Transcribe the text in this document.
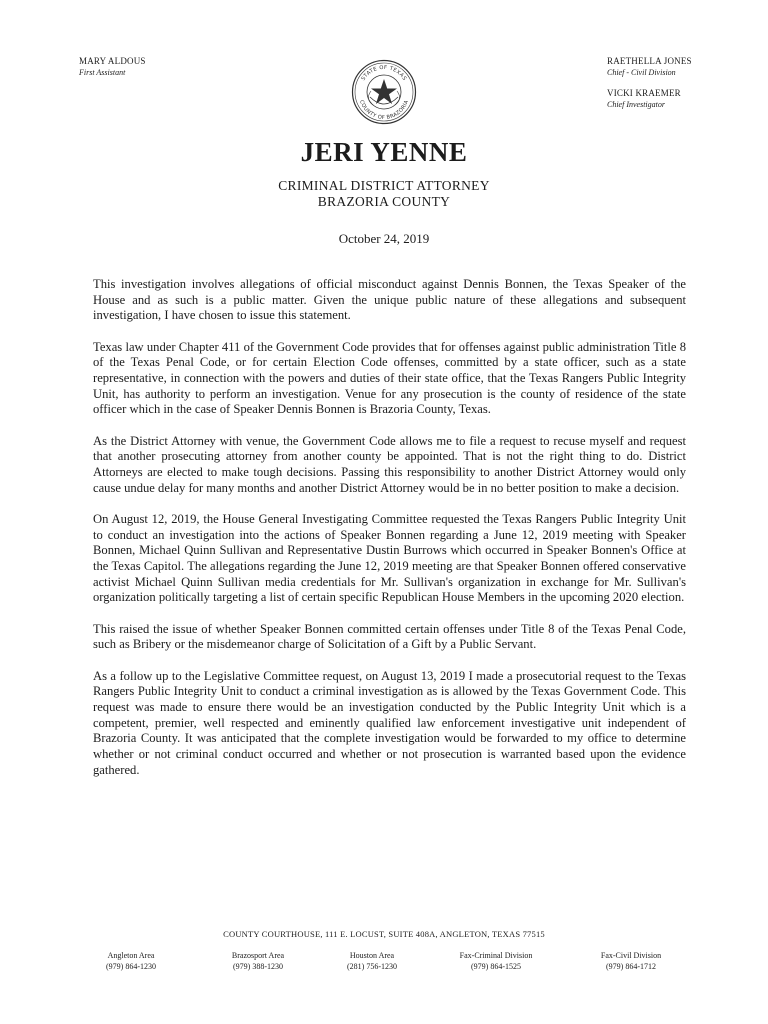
MARY ALDOUS
First Assistant
STATE OF TEXAS
COUNTY OF BRAZORIA
RAETHELLA JONES
Chief - Civil Division
VICKI KRAEMER
Chief Investigator
JERI YENNE
CRIMINAL DISTRICT ATTORNEY
BRAZORIA COUNTY
October 24, 2019

This investigation involves allegations of official misconduct against Dennis Bonnen, the Texas Speaker of the House and as such is a public matter. Given the unique public nature of these allegations and subsequent investigation, I have chosen to issue this statement.

Texas law under Chapter 411 of the Government Code provides that for offenses against public administration Title 8 of the Texas Penal Code, or for certain Election Code offenses, committed by a state officer, such as a state representative, in connection with the powers and duties of their state office, that the Texas Rangers Public Integrity Unit, has authority to perform an investigation. Venue for any prosecution is the county of residence of the state officer which in the case of Speaker Dennis Bonnen is Brazoria County, Texas.

As the District Attorney with venue, the Government Code allows me to file a request to recuse myself and request that another prosecuting attorney from another county be appointed. That is not the right thing to do. District Attorneys are elected to make tough decisions. Passing this responsibility to another District Attorney would only cause undue delay for many months and another District Attorney would be in no better position to make a decision.

On August 12, 2019, the House General Investigating Committee requested the Texas Rangers Public Integrity Unit to conduct an investigation into the actions of Speaker Bonnen regarding a June 12, 2019 meeting with Speaker Bonnen, Michael Quinn Sullivan and Representative Dustin Burrows which occurred in Speaker Bonnen's Office at the Texas Capitol. The allegations regarding the June 12, 2019 meeting are that Speaker Bonnen offered conservative activist Michael Quinn Sullivan media credentials for Mr. Sullivan's organization in exchange for Mr. Sullivan's organization politically targeting a list of certain specific Republican House Members in the upcoming 2020 election.

This raised the issue of whether Speaker Bonnen committed certain offenses under Title 8 of the Texas Penal Code, such as Bribery or the misdemeanor charge of Solicitation of a Gift by a Public Servant.

As a follow up to the Legislative Committee request, on August 13, 2019 I made a prosecutorial request to the Texas Rangers Public Integrity Unit to conduct a criminal investigation as is allowed by the Texas Government Code. This request was made to ensure there would be an investigation conducted by the Public Integrity Unit which is a competent, premier, well respected and eminently qualified law enforcement investigative unit independent of Brazoria County. It was anticipated that the complete investigation would be forwarded to my office to determine whether or not criminal conduct occurred and whether or not prosecution is warranted based upon the evidence gathered.

COUNTY COURTHOUSE, 111 E. LOCUST, SUITE 408A, ANGLETON, TEXAS 77515
Angleton Area
(979) 864-1230
Brazosport Area
(979) 388-1230
Houston Area
(281) 756-1230
Fax-Criminal Division
(979) 864-1525
Fax-Civil Division
(979) 864-1712
